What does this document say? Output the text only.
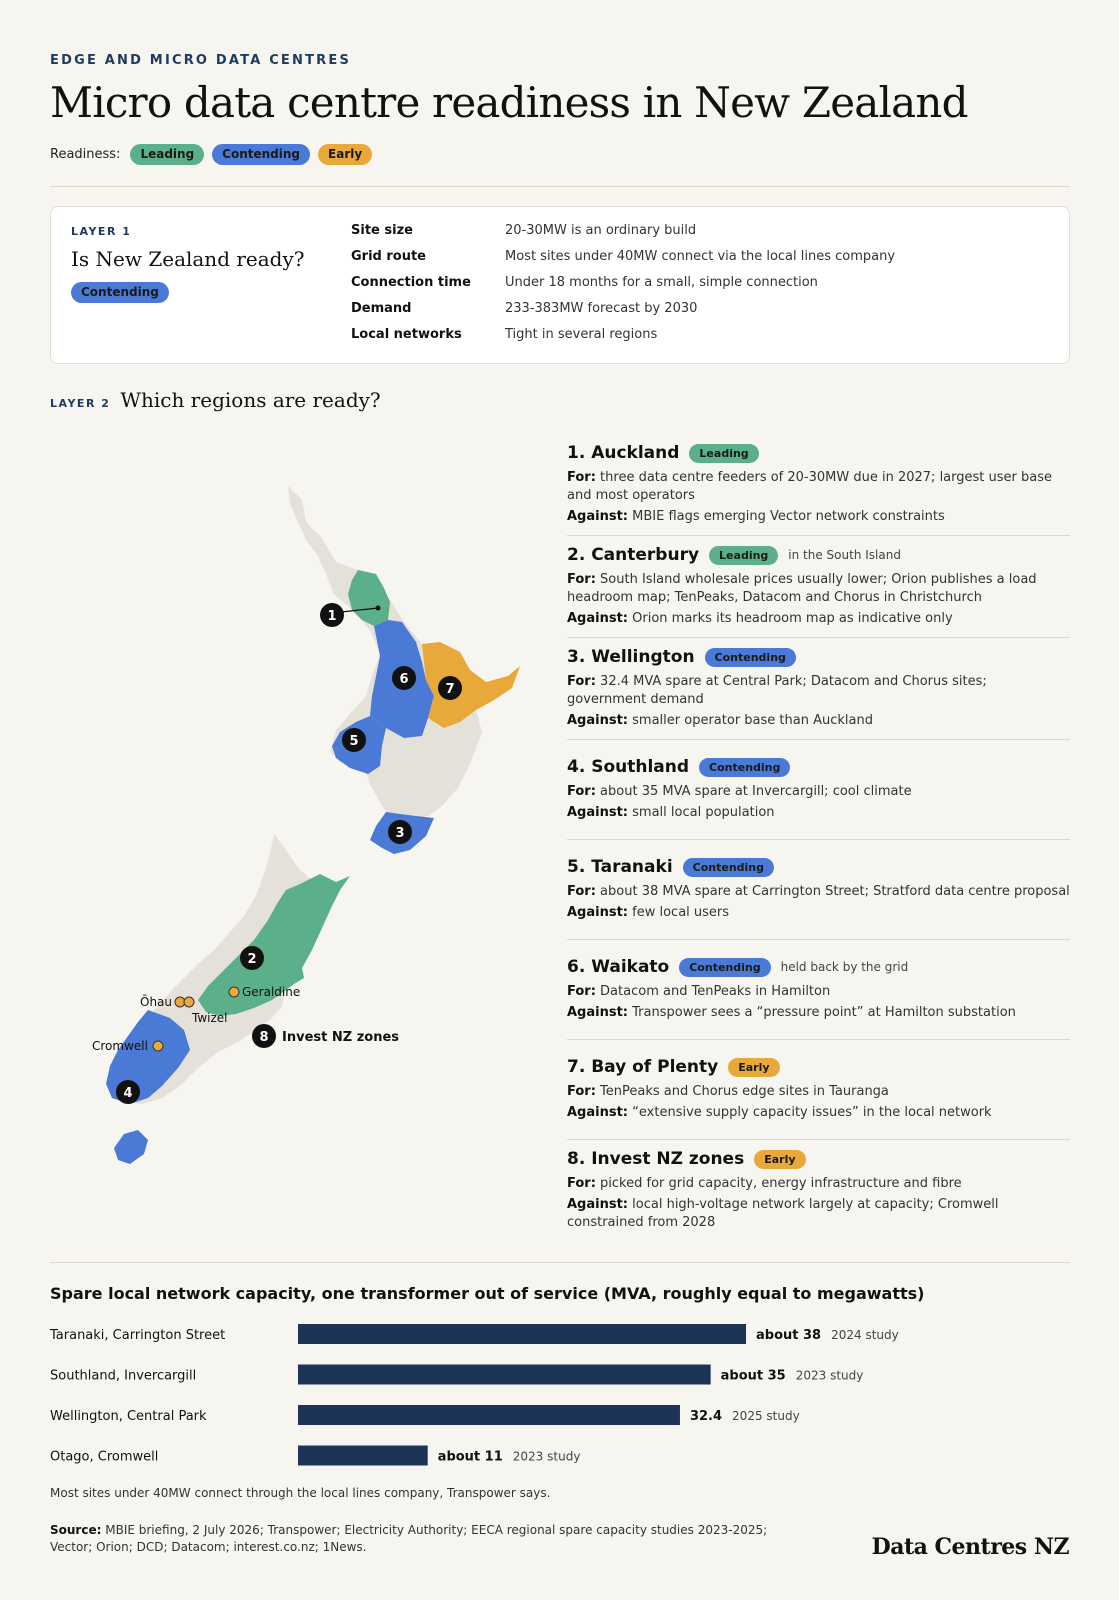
EDGE AND MICRO DATA CENTRES
Micro data centre readiness in New Zealand
Readiness:	Leading	Contending	Early
LAYER 1
Is New Zealand ready?
Contending
Site size	20-30MW is an ordinary build
Grid route	Most sites under 40MW connect via the local lines company
Connection time	Under 18 months for a small, simple connection
Demand	233-383MW forecast by 2030
Local networks	Tight in several regions
LAYER 2 Which regions are ready?
1
6
7
5
3
2
4
Ōhau
Twizel
Geraldine
Cromwell
8 Invest NZ zones
1. Auckland	Leading

For: three data centre feeders of 20-30MW due in 2027; largest user base and most operators

Against: MBIE flags emerging Vector network constraints

2. Canterbury	Leading	in the South Island

For: South Island wholesale prices usually lower; Orion publishes a load headroom map; TenPeaks, Datacom and Chorus in Christchurch

Against: Orion marks its headroom map as indicative only

3. Wellington	Contending

For: 32.4 MVA spare at Central Park; Datacom and Chorus sites; government demand

Against: smaller operator base than Auckland

4. Southland	Contending

For: about 35 MVA spare at Invercargill; cool climate

Against: small local population

5. Taranaki	Contending

For: about 38 MVA spare at Carrington Street; Stratford data centre proposal

Against: few local users

6. Waikato	Contending	held back by the grid

For: Datacom and TenPeaks in Hamilton

Against: Transpower sees a “pressure point” at Hamilton substation

7. Bay of Plenty	Early

For: TenPeaks and Chorus edge sites in Tauranga

Against: “extensive supply capacity issues” in the local network

8. Invest NZ zones	Early

For: picked for grid capacity, energy infrastructure and fibre

Against: local high-voltage network largely at capacity; Cromwell constrained from 2028

Spare local network capacity, one transformer out of service (MVA, roughly equal to megawatts)
Taranaki, Carrington Street	about 38 2024 study
Southland, Invercargill	about 35 2023 study
Wellington, Central Park	32.4 2025 study
Otago, Cromwell	about 11 2023 study
Most sites under 40MW connect through the local lines company, Transpower says.
Source: MBIE briefing, 2 July 2026; Transpower; Electricity Authority; EECA regional spare capacity studies 2023-2025; Vector; Orion; DCD; Datacom; interest.co.nz; 1News.	Data Centres NZ
